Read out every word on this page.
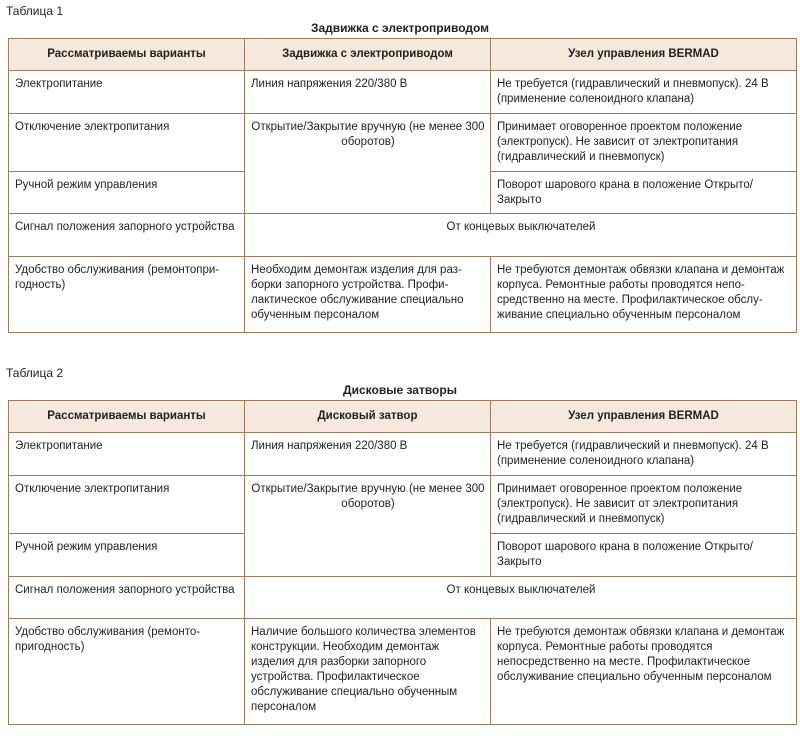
Таблица 1
Задвижка с электроприводом
Рассматриваемы варианты	Задвижка с электроприводом	Узел управления BERMAD
Электропитание	Линия напряжения 220/380 В	Не требуется (гидравлический и пневмопуск). 24 В (применение соленоидного клапана)
Отключение электропитания	Открытие/Закрытие вручную (не менее 300 оборотов)	Принимает оговоренное проектом положение (электропуск). Не зависит от электропитания (гидравлический и пневмопуск)
Ручной режим управления		Поворот шарового крана в положение Открыто/ Закрыто
Сигнал положения запорного устройства	От концевых выключателей	
Удобство обслуживания (ремонтопригодность)	Необходим демонтаж изделия для разборки запорного устройства. Профилактическое обслуживание специально обученным персоналом	Не требуются демонтаж обвязки клапана и демонтаж корпуса. Ремонтные работы проводятся непосредственно на месте. Профилактическое обслуживание специально обученным персоналом
Таблица 2
Дисковые затворы
Рассматриваемы варианты	Дисковый затвор	Узел управления BERMAD
Электропитание	Линия напряжения 220/380 В	Не требуется (гидравлический и пневмопуск). 24 В (применение соленоидного клапана)
Отключение электропитания	Открытие/Закрытие вручную (не менее 300 оборотов)	Принимает оговоренное проектом положение (электропуск). Не зависит от электропитания (гидравлический и пневмопуск)
Ручной режим управления		Поворот шарового крана в положение Открыто/ Закрыто
Сигнал положения запорного устройства	От концевых выключателей	
Удобство обслуживания (ремонтопригодность)	Наличие большого количества элементов конструкции. Необходим демонтаж изделия для разборки запорного устройства. Профилактическое обслуживание специально обученным персоналом	Не требуются демонтаж обвязки клапана и демонтаж корпуса. Ремонтные работы проводятся непосредственно на месте. Профилактическое обслуживание специально обученным персоналом
